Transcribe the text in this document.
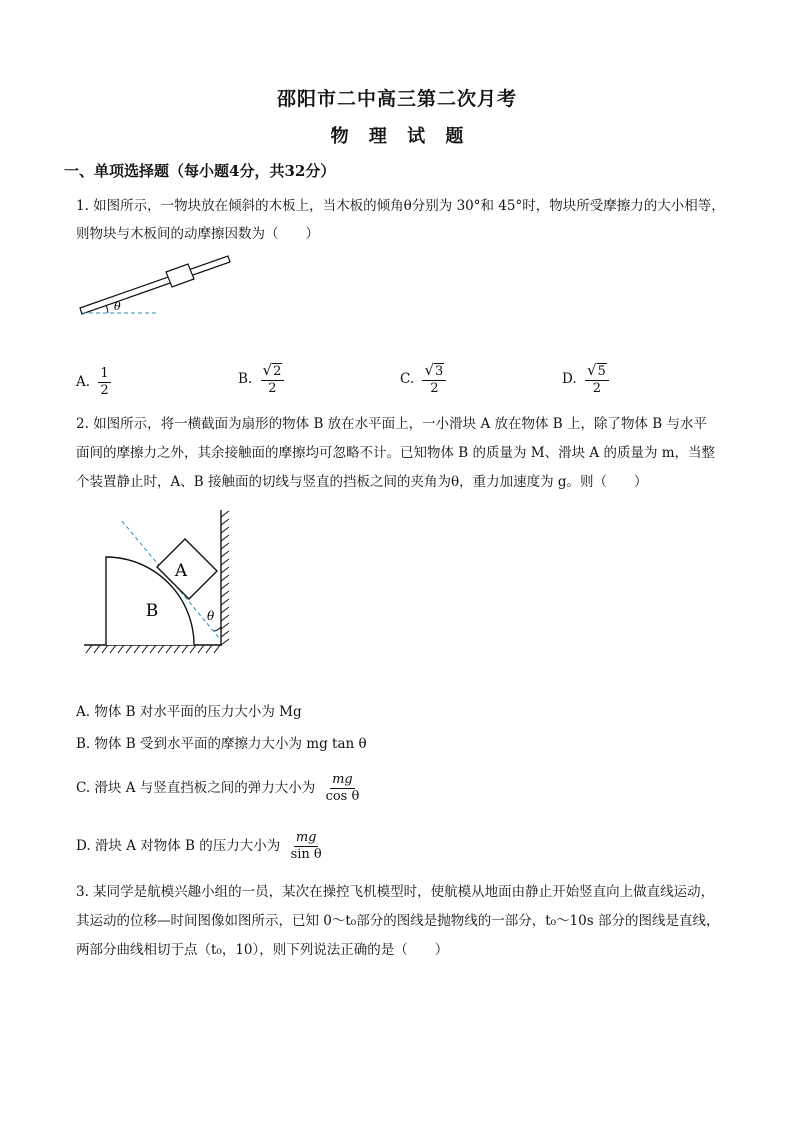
邵阳市二中高三第二次月考
物 理 试 题
一、单项选择题（每小题4分，共32分）
1. 如图所示，一物块放在倾斜的木板上，当木板的倾角θ分别为 30°和 45°时，物块所受摩擦力的大小相等，
则物块与木板间的动摩擦因数为（　　）
θ
A. $\frac{1}{2}$	B. $\frac{√2}{2}$	C. $\frac{√3}{2}$	D. $\frac{√5}{2}$
2. 如图所示，将一横截面为扇形的物体 B 放在水平面上，一小滑块 A 放在物体 B 上，除了物体 B 与水平
面间的摩擦力之外，其余接触面的摩擦均可忽略不计。已知物体 B 的质量为 M、滑块 A 的质量为 m，当整
个装置静止时，A、B 接触面的切线与竖直的挡板之间的夹角为θ，重力加速度为 g。则（　　）
A
B	θ
A. 物体 B 对水平面的压力大小为 Mg
B. 物体 B 受到水平面的摩擦力大小为 mg tan θ
C. 滑块 A 与竖直挡板之间的弹力大小为 $\frac{mg}{\text{cos θ}}$
D. 滑块 A 对物体 B 的压力大小为 $\frac{mg}{\text{sin θ}}$
3. 某同学是航模兴趣小组的一员，某次在操控飞机模型时，使航模从地面由静止开始竖直向上做直线运动，
其运动的位移—时间图像如图所示，已知 0～t₀部分的图线是抛物线的一部分，t₀～10s 部分的图线是直线，
两部分曲线相切于点（t₀，10），则下列说法正确的是（　　）
